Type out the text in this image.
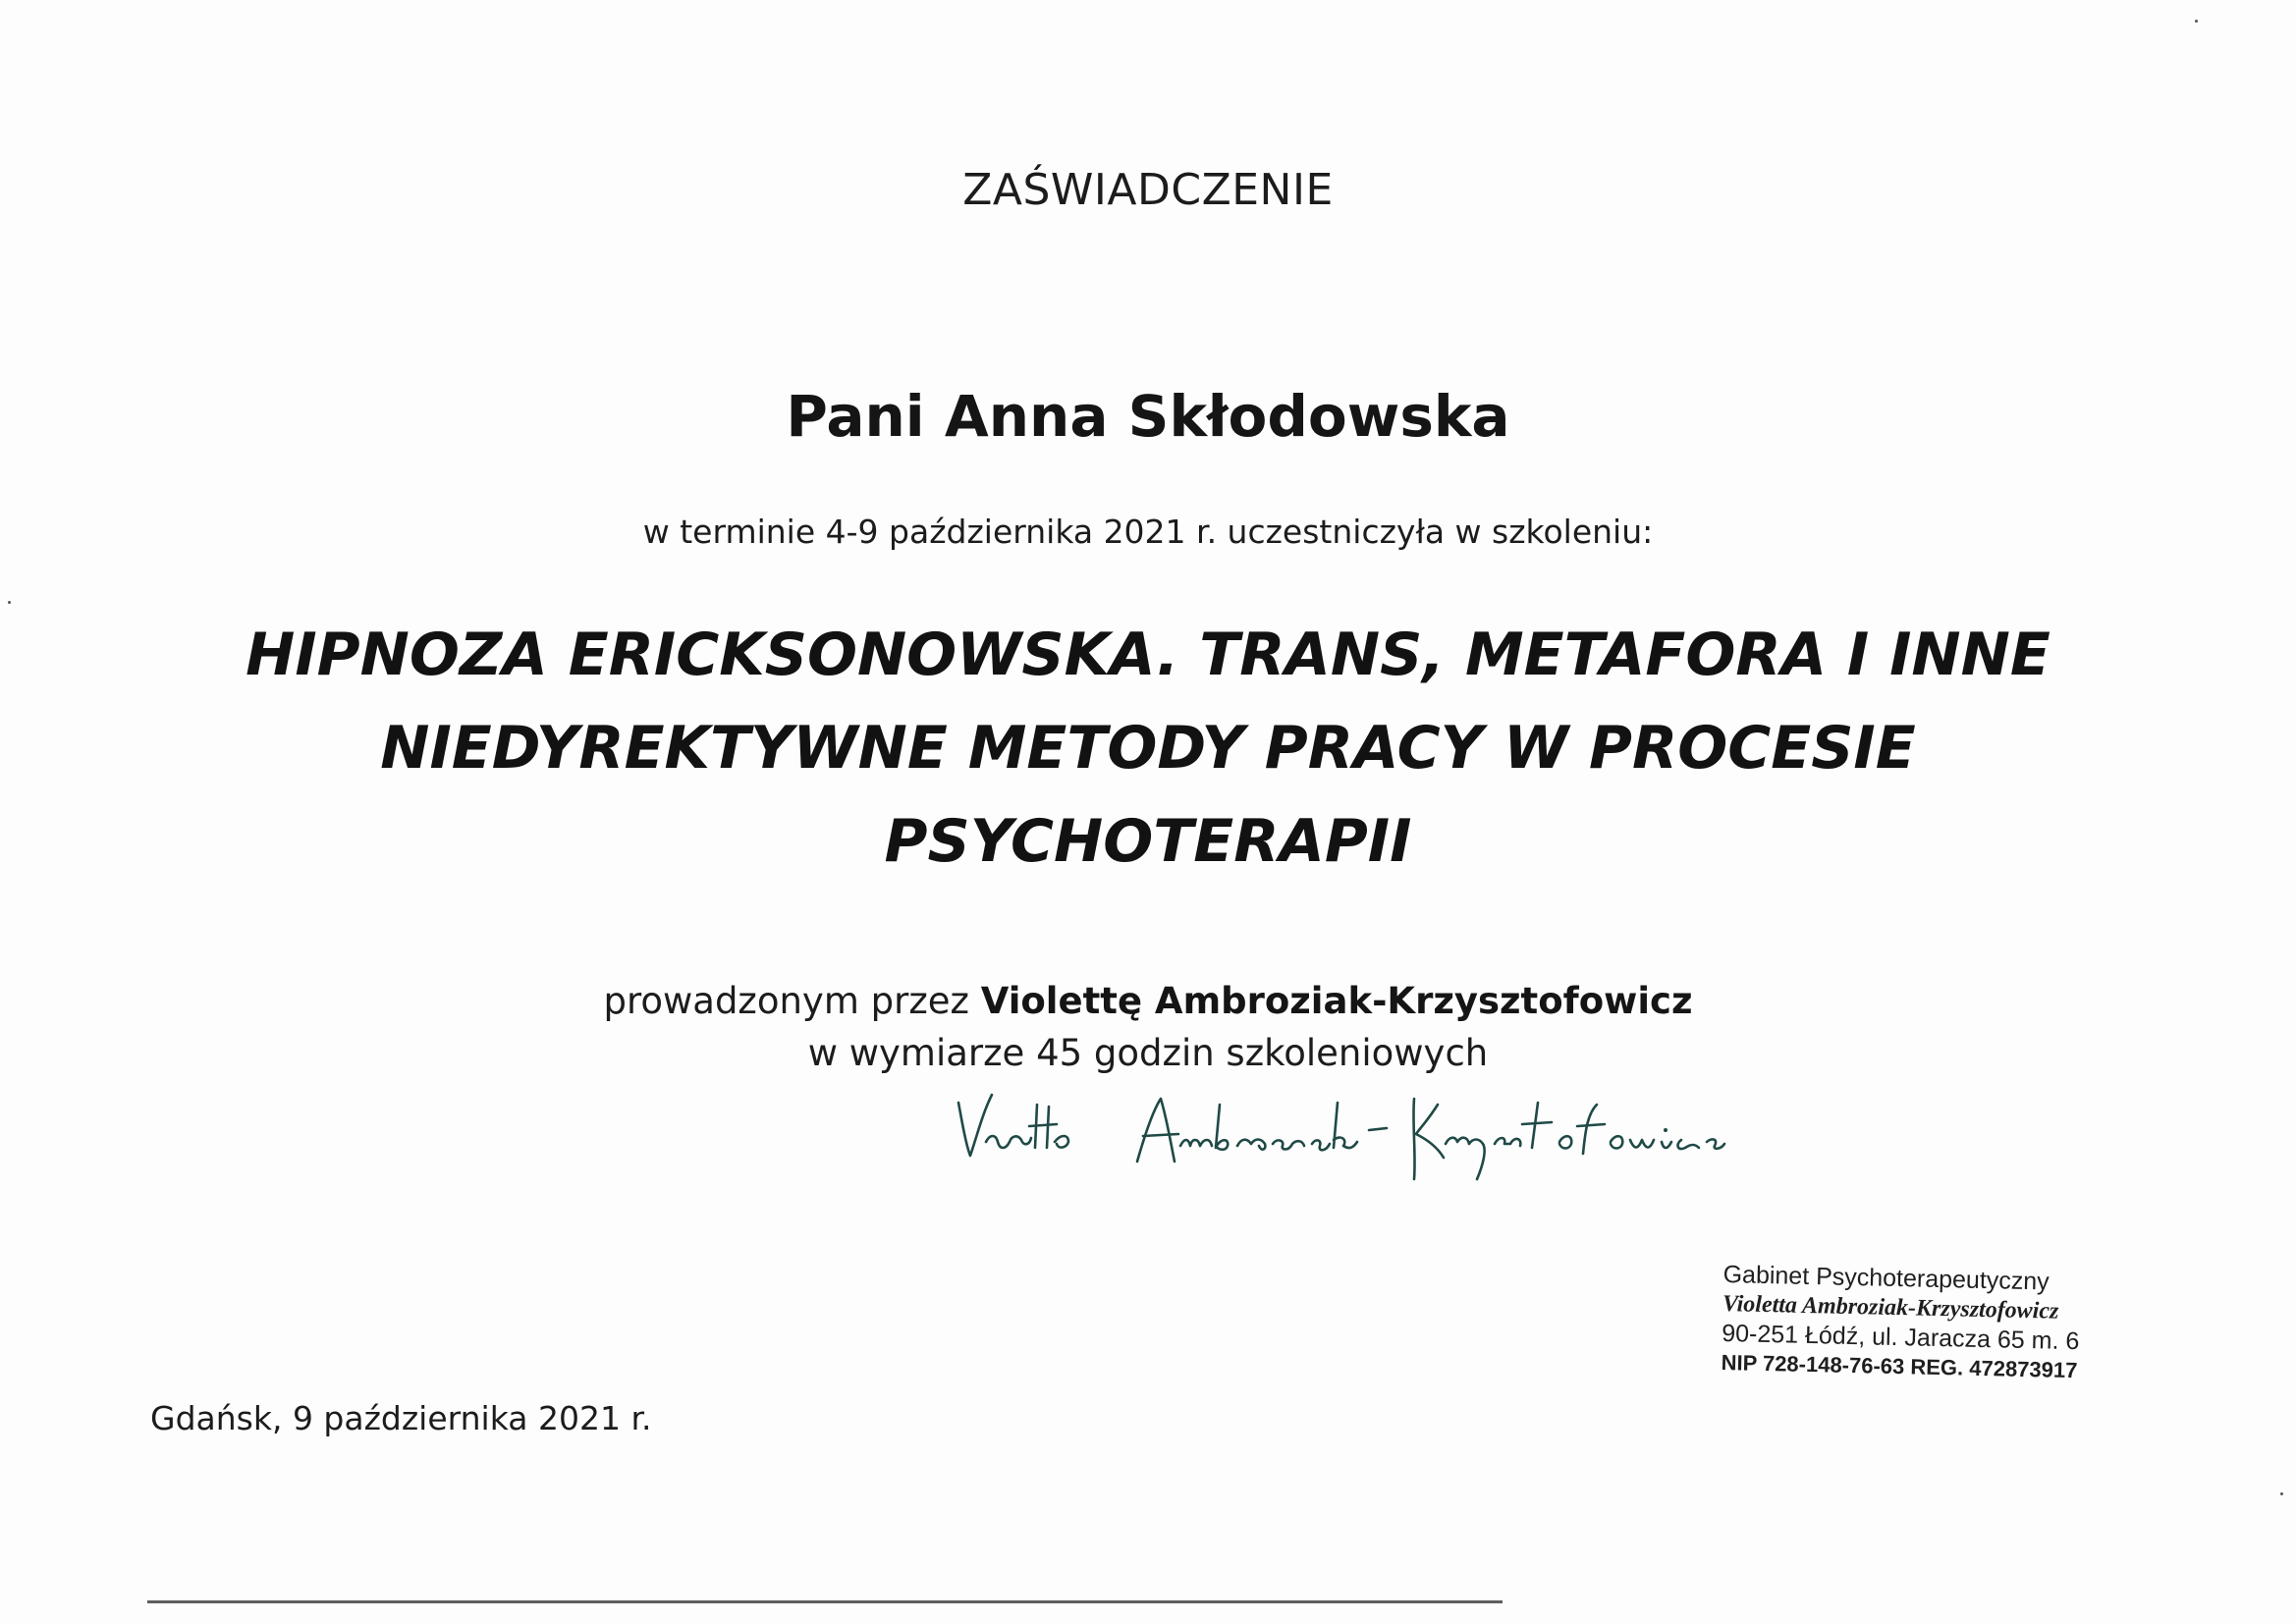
ZAŚWIADCZENIE
Pani Anna Skłodowska
w terminie 4-9 października 2021 r. uczestniczyła w szkoleniu:
HIPNOZA ERICKSONOWSKA. TRANS, METAFORA I INNE
NIEDYREKTYWNE METODY PRACY W PROCESIE
PSYCHOTERAPII
prowadzonym przez Violettę Ambroziak-Krzysztofowicz
w wymiarze 45 godzin szkoleniowych
Gabinet Psychoterapeutyczny
Violetta Ambroziak-Krzysztofowicz
90-251 Łódź, ul. Jaracza 65 m. 6
NIP 728-148-76-63 REG. 472873917
Gdańsk, 9 października 2021 r.
